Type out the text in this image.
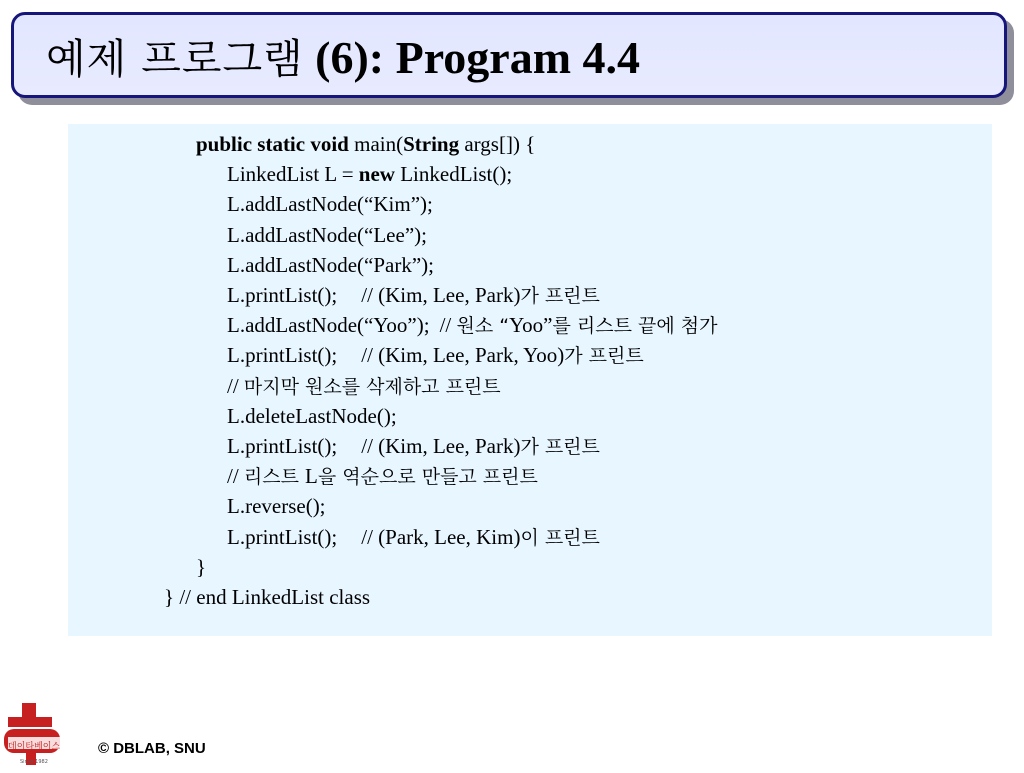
예제 프로그램 (6): Program 4.4
public static void main(String args[]) {
LinkedList L = new LinkedList();
L.addLastNode(“Kim”);
L.addLastNode(“Lee”);
L.addLastNode(“Park”);
L.printList(); // (Kim, Lee, Park)가 프린트
L.addLastNode(“Yoo”); // 원소 “Yoo”를 리스트 끝에 첨가
L.printList(); // (Kim, Lee, Park, Yoo)가 프린트
// 마지막 원소를 삭제하고 프린트
L.deleteLastNode();
L.printList(); // (Kim, Lee, Park)가 프린트
// 리스트 L을 역순으로 만들고 프린트
L.reverse();
L.printList(); // (Park, Lee, Kim)이 프린트
}
} // end LinkedList class
데이타베이스
Since 1982
© DBLAB, SNU
